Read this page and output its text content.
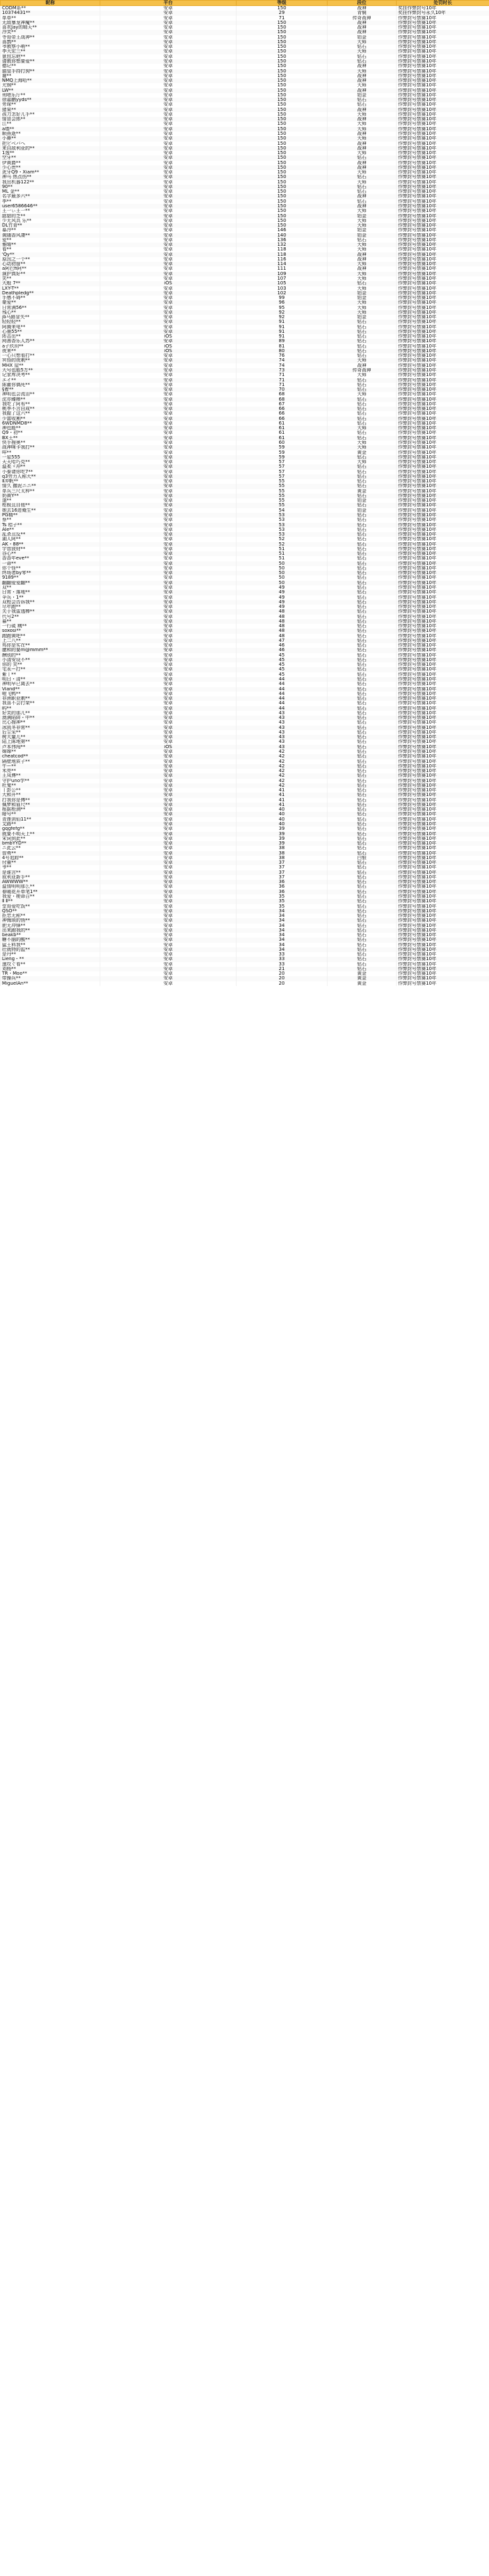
昵称	平台	等级	段位	处罚时长
CODM系**	安卓	150	战神	奖挂作弊封号10年
10374431**	安卓	29	青铜	奖挂作弊封号永久10年
单单**	安卓	71	传奇战神	作弊封号禁赛10年
无敌暴龙神魔**	安卓	150	战神	作弊封号禁赛10年
喜欢Jay的晴天**	安卓	150	战神	作弊封号禁赛10年
冷笑**	安卓	150	战神	作弊封号禁赛10年
寺哥帝王战神**	安卓	150	铂金	作弊封号禁赛10年
喜鹊**	安卓	150	大师	作弊封号禁赛10年
爷教察小萌**	安卓	150	钻石	作弊封号禁赛10年
李大宏三**	安卓	150	大师	作弊封号禁赛10年
崽包忘疤**	安卓	150	钻石	作弊封号禁赛10年
请教你想要爱**	安卓	150	钻石	作弊封号禁赛10年
德记**	安卓	150	战神	作弊封号禁赛10年
猫皇手持打狗**	安卓	150	大师	作弊封号禁赛10年
谢**	安卓	150	战神	作弊封号禁赛10年
NMQ上海哈**	安卓	150	战神	作弊封号禁赛10年
尤钢**	安卓	150	大师	作弊封号禁赛10年
LW**	安卓	150	战神	作弊封号禁赛10年
刑嗯乐厅**	安卓	150	铂金	作弊封号禁赛10年
徐嘉鹏yyds**	安卓	150	钻石	作弊封号禁赛10年
旁琛**	安卓	150	钻石	作弊封号禁赛10年
猪果**	安卓	150	战神	作弊封号禁赛10年
孩刀怎好儿手**	安卓	150	大师	作弊封号禁赛10年
情冒会郎**	安卓	150	战神	作弊封号禁赛10年
江**	安卓	150	大师	作弊封号禁赛10年
a墙**	安卓	150	大师	作弊封号禁赛10年
顺燕逝**	安卓	150	战神	作弊封号禁赛10年
小鼻**	安卓	150	大师	作弊封号禁赛10年
把ビベバへ	安卓	150	战神	作弊封号禁赛10年
来自敌利亚的**	安卓	150	战神	作弊封号禁赛10年
1逸**	安卓	150	大师	作弊封号禁赛10年
空牙**	安卓	150	钻石	作弊封号禁赛10年
伊黄爵**	安卓	150	战神	作弊封号禁赛10年
少心贵**	安卓	150	战神	作弊封号禁赛10年
虎牙Q9・Xiam**	安卓	150	大师	作弊封号禁赛10年
神马 热点伤**	安卓	150	钻石	作弊封号禁赛10年
我出机器122**	安卓	150	大师	作弊封号禁赛10年
90**	安卓	150	钻石	作弊封号禁赛10年
ML 金**	安卓	150	钻石	作弊封号禁赛10年
名字最多六**	安卓	150	战神	作弊封号禁赛10年
李**	安卓	150	钻石	作弊封号禁赛10年
user6586646**	安卓	150	战神	作弊封号禁赛10年
王一ぃ王一**	安卓	150	大师	作弊封号禁赛10年
甜甜的芝**	安卓	150	铂金	作弊封号禁赛10年
少无风具 乐**	安卓	150	大师	作弊封号禁赛10年
DL竹青**	安卓	150	大师	作弊封号禁赛10年
募冷**	安卓	146	铂金	作弊封号禁赛10年
黄随香风凄**	安卓	140	铂金	作弊封号禁赛10年
爱**	安卓	136	钻石	作弊封号禁赛10年
雅晴**	安卓	132	大师	作弊封号禁赛10年
看**	安卓	118	大师	作弊封号禁赛10年
'Qy**	安卓	118	战神	作弊封号禁赛10年
原因之一个**	安卓	116	战神	作弊封号禁赛10年
心动初留**	安卓	114	大师	作弊封号禁赛10年
a阿巴fi阿**	安卓	111	战神	作弊封号禁赛10年
演护真好**	安卓	109	大师	作弊封号禁赛10年
笑**	安卓	107	大师	作弊封号禁赛10年
大般 7**	iOS	105	钻石	作弊封号禁赛10年
LXY-T**	安卓	103	大师	作弊封号禁赛10年
Deathpledg**	安卓	102	铂金	作弊封号禁赛10年
手感不碍**	安卓	99	铂金	作弊封号禁赛10年
豪爱**	安卓	96	大师	作弊封号禁赛10年
日常满56**	安卓	95	大师	作弊封号禁赛10年
残心**	安卓	92	大师	作弊封号禁赛10年
jb马路冒失**	安卓	92	铂金	作弊封号禁赛10年
轻轻轻**	安卓	91	钻石	作弊封号禁赛10年
阿腾来电**	安卓	91	钻石	作弊封号禁赛10年
心墨55**	安卓	91	钻石	作弊封号禁赛10年
阵击出**	iOS	91	钻石	作弊封号禁赛10年
网善香乐人苏**	安卓	89	钻石	作弊封号禁赛10年
a子玖玥**	iOS	81	钻石	作弊封号禁赛10年
夜来**	iOS	80	钻石	作弊封号禁赛10年
一心只想看打**	安卓	76	钻石	作弊封号禁赛10年
冥悟的夜刺**	安卓	74	大师	作弊封号禁赛10年
MHX 屋**	安卓	74	战神	作弊封号禁赛10年
大号也能5万**	安卓	73	传奇战神	作弊封号禁赛10年
记家库决考**	安卓	71	大师	作弊封号禁赛10年
エイ**	安卓	71	钻石	作弊封号禁赛10年
陈藿你偶死**	安卓	71	钻石	作弊封号禁赛10年
§着**	安卓	70	钻石	作弊封号禁赛10年
神明也会流泪**	安卓	68	大师	作弊封号禁赛10年
沈亦臻棒**	安卓	68	钻石	作弊封号禁赛10年
我吃了阿布**	安卓	67	钻石	作弊封号禁赛10年
桃李不言自成**	安卓	66	钻石	作弊封号禁赛10年
我握了这六**	安卓	66	钻石	作弊封号禁赛10年
少富收割**	安卓	66	钻石	作弊封号禁赛10年
6WDNMD8**	安卓	61	钻石	作弊封号禁赛10年
神也能**	安卓	61	大师	作弊封号禁赛10年
Q9・初**	安卓	61	钻石	作弊封号禁赛10年
BX王**	安卓	61	钻石	作弊封号禁赛10年
快手搜奥**	安卓	60	大师	作弊封号禁赛10年
战神咪卡我打**	安卓	59	大师	作弊封号禁赛10年
咩**	安卓	59	黄金	作弊封号禁赛10年
一星555	安卓	59	钻石	作弊封号禁赛10年
天天哈巧克**	安卓	57	大师	作弊封号禁赛10年
温柔ゞ冲**	安卓	57	钻石	作弊封号禁赛10年
小泰请你吃7**	安卓	57	钻石	作弊封号禁赛10年
q3劳力人称大**	安卓	57	钻石	作弊封号禁赛10年
Ⅱ冲帆**	安卓	55	钻石	作弊封号禁赛10年
情久 撒泥ニニ**	安卓	55	钻石	作弊封号禁赛10年
单兵三尺太梓**	安卓	55	黄金	作弊封号禁赛10年
奶黄Y**	安卓	55	钻石	作弊封号禁赛10年
遂**	安卓	55	铂金	作弊封号禁赛10年
枪极且自他**	安卓	55	钻石	作弊封号禁赛10年
她去16进俺生**	安卓	54	铂金	作弊封号禁赛10年
PG精**	安卓	53	钻石	作弊封号禁赛10年
蔡**	安卓	53	钻石	作弊封号禁赛10年
Ts 桔子**	安卓	53	钻石	作弊封号禁赛10年
Ale**	安卓	53	钻石	作弊封号禁赛10年
乱杀丑反**	安卓	53	钻石	作弊封号禁赛10年
湖人阿**	安卓	52	钻石	作弊封号禁赛10年
AK・88**	安卓	52	钻石	作弊封号禁赛10年
宇智波财**	安卓	51	钻石	作弊封号禁赛10年
谷心**	安卓	51	钻石	作弊封号禁赛10年
香香年eve**	安卓	51	钻石	作弊封号禁赛10年
一命**	安卓	50	钻石	作弊封号禁赛10年
你个怪**	安卓	50	钻石	作弊封号禁赛10年
终场者by零**	安卓	50	钻石	作弊封号禁赛10年
9189**	安卓	50	钻石	作弊封号禁赛10年
翻翻爱爱翻**	安卓	50	钻石	作弊封号禁赛10年
双**	安卓	49	钻石	作弊封号禁赛10年
日常・落地**	安卓	49	钻石	作弊封号禁赛10年
伞兵・1**	安卓	49	钻石	作弊封号禁赛10年
双枪会告诉我**	安卓	49	钻石	作弊封号禁赛10年
尽年跑**	安卓	49	钻石	作弊封号禁赛10年
关于我雷透棒**	安卓	48	钻石	作弊封号禁赛10年
代号2**	安卓	48	钻石	作弊封号禁赛10年
暮**	安卓	48	钻石	作弊封号禁赛10年
一行硫 痍**	安卓	48	钻石	作弊封号禁赛10年
soxosi**	安卓	48	钻石	作弊封号禁赛10年
跑跑黄吧**	安卓	48	钻石	作弊封号禁赛10年
上二八**	安卓	47	钻石	作弊封号禁赛10年
鸡你是实在**	安卓	46	钻石	作弊封号禁赛10年
臆和的要m@mmm**	安卓	46	钻石	作弊封号禁赛10年
酬别的**	安卓	45	钻石	作弊封号禁赛10年
小清安设不**	安卓	45	钻石	作弊封号禁赛10年
你的 笑**	安卓	45	钻石	作弊封号禁赛10年
宅永ー打**	安卓	45	钻石	作弊封号禁赛10年
紫丨**	安卓	45	钻石	作弊封号禁赛10年
明日・清**	安卓	44	钻石	作弊封号禁赛10年
神明早已离去**	安卓	44	钻石	作弊封号禁赛10年
Viand**	安卓	44	钻石	作弊封号禁赛10年
喔飞鸭**	安卓	44	钻石	作弊封号禁赛10年
非洲职业刺**	安卓	44	钻石	作弊封号禁赛10年
我喜不会打架**	安卓	44	钻石	作弊封号禁赛10年
屿**	安卓	44	钻石	作弊封号禁赛10年
好笑的那儿**	安卓	43	钻石	作弊封号禁赛10年
澳满陷阱・中**	安卓	43	钻石	作弊封号禁赛10年
比心搜神**	安卓	43	钻石	作弊封号禁赛10年
冰凯冬非常**	安卓	43	钻石	作弊封号禁赛10年
后尘采**	安卓	43	钻石	作弊封号禁赛10年
树大量儿**	安卓	43	钻石	作弊封号禁赛10年
陆上陈地第**	安卓	43	钻石	作弊封号禁赛10年
卢本伟闯**	iOS	43	钻石	作弊封号禁赛10年
嫦嫦**	安卓	42	钻石	作弊封号禁赛10年
cheatcod**	安卓	42	钻石	作弊封号禁赛10年
隔壁地质子**	安卓	42	钻石	作弊封号禁赛10年
牛ー**	安卓	42	钻石	作弊封号禁赛10年
米亮**	安卓	42	钻石	作弊封号禁赛10年
王凤博**	安卓	42	钻石	作弊封号禁赛10年
守护uno学**	安卓	42	钻石	作弊封号禁赛10年
杜鬼**	安卓	42	钻石	作弊封号禁赛10年
丨彭公**	安卓	41	钻石	作弊封号禁赛10年
大和开**	安卓	41	钻石	作弊封号禁赛10年
打我你是傅**	安卓	41	钻石	作弊封号禁赛10年
佩梦和眉尺**	安卓	41	钻石	作弊封号禁赛10年
根据枪测**	安卓	40	钻石	作弊封号禁赛10年
暗号**	安卓	40	钻石	作弊封号禁赛10年
青莲剑仙11**	安卓	40	钻石	作弊封号禁赛10年
艾路**	安卓	40	钻石	作弊封号禁赛10年
gqgfefg**	安卓	39	钻石	作弊封号禁赛10年
就要不明天上**	安卓	39	钻石	作弊封号禁赛10年
宋词到此**	安卓	39	钻石	作弊封号禁赛10年
bmbYYD**	安卓	39	钻石	作弊封号禁赛10年
ニ此云**	安卓	38	钻石	作弊封号禁赛10年
智勇**	安卓	38	钻石	作弊封号禁赛10年
4号追踪**	安卓	38	白银	作弊封号禁赛10年
付童**	安卓	37	钻石	作弊封号禁赛10年
爷**	安卓	37	钻石	作弊封号禁赛10年
是谁言**	安卓	37	钻石	作弊封号禁赛10年
叙利亚新手**	安卓	37	钻石	作弊封号禁赛10年
AWWWW**	安卓	36	钻石	作弊封号禁赛10年
温情明明那么**	安卓	36	钻石	作弊封号禁赛10年
春暖花开单笔1**	安卓	36	钻石	作弊封号禁赛10年
我爱・梗命召**	安卓	35	钻石	作弊封号禁赛10年
Ⅱ Ⅱ**	安卓	35	钻石	作弊封号禁赛10年
堂哥爱吃饭**	安卓	35	钻石	作弊封号禁赛10年
QSO**	安卓	34	钻石	作弊封号禁赛10年
拒忠无称**	安卓	34	钻石	作弊封号禁赛10年
神悔颂的悄**	安卓	34	钻石	作弊封号禁赛10年
肥无冲锋**	安卓	34	钻石	作弊封号禁赛10年
出来跑我的**	安卓	34	钻石	作弊封号禁赛10年
beakb**	安卓	34	钻石	作弊封号禁赛10年
糖不脑的酸**	安卓	34	钻石	作弊封号禁赛10年
猛王料我**	安卓	34	钻石	作弊封号禁赛10年
壮就特的监**	安卓	34	钻石	作弊封号禁赛10年
是丹**	安卓	33	钻石	作弊封号禁赛10年
Lieng・**	安卓	33	钻石	作弊封号禁赛10年
速攻ぐ看**	安卓	33	钻石	作弊封号禁赛10年
刘杨**	安卓	21	钻石	作弊封号禁赛10年
TR・Moo**	安卓	20	黄金	作弊封号禁赛10年
带操兵**	安卓	20	黄金	作弊封号禁赛10年
MiguelAn**	安卓	20	黄金	作弊封号禁赛10年
